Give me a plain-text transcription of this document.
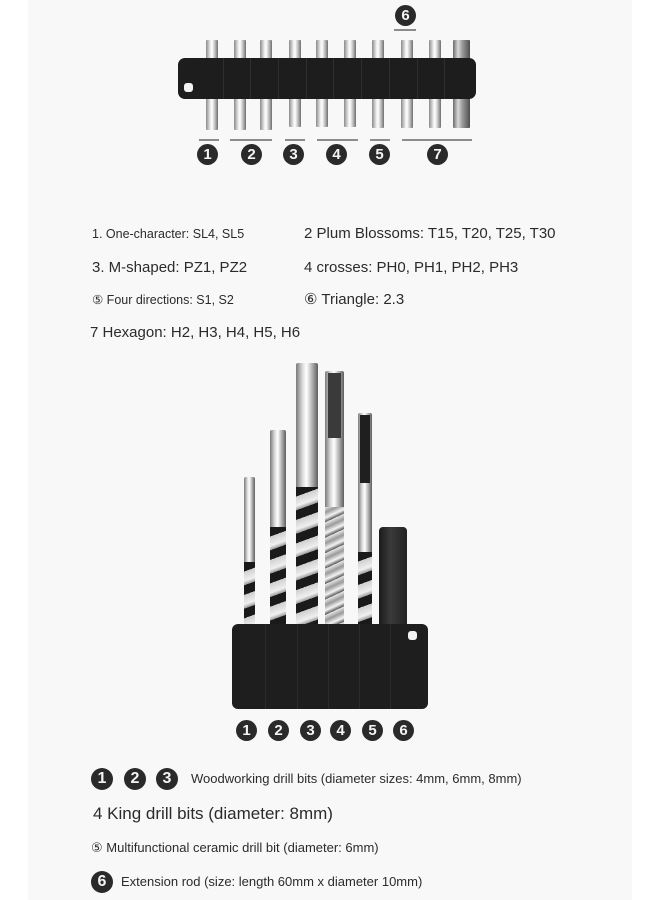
6
1	2	3	4	5	7
1. One-character: SL4, SL5	2 Plum Blossoms: T15, T20, T25, T30
3. M-shaped: PZ1, PZ2	4 crosses: PH0, PH1, PH2, PH3
⑤ Four directions: S1, S2	⑥ Triangle: 2.3
7 Hexagon: H2, H3, H4, H5, H6
1	2	3	4	5	6
1	2	3	Woodworking drill bits (diameter sizes: 4mm, 6mm, 8mm)
4 King drill bits (diameter: 8mm)
⑤ Multifunctional ceramic drill bit (diameter: 6mm)
6	Extension rod (size: length 60mm x diameter 10mm)
